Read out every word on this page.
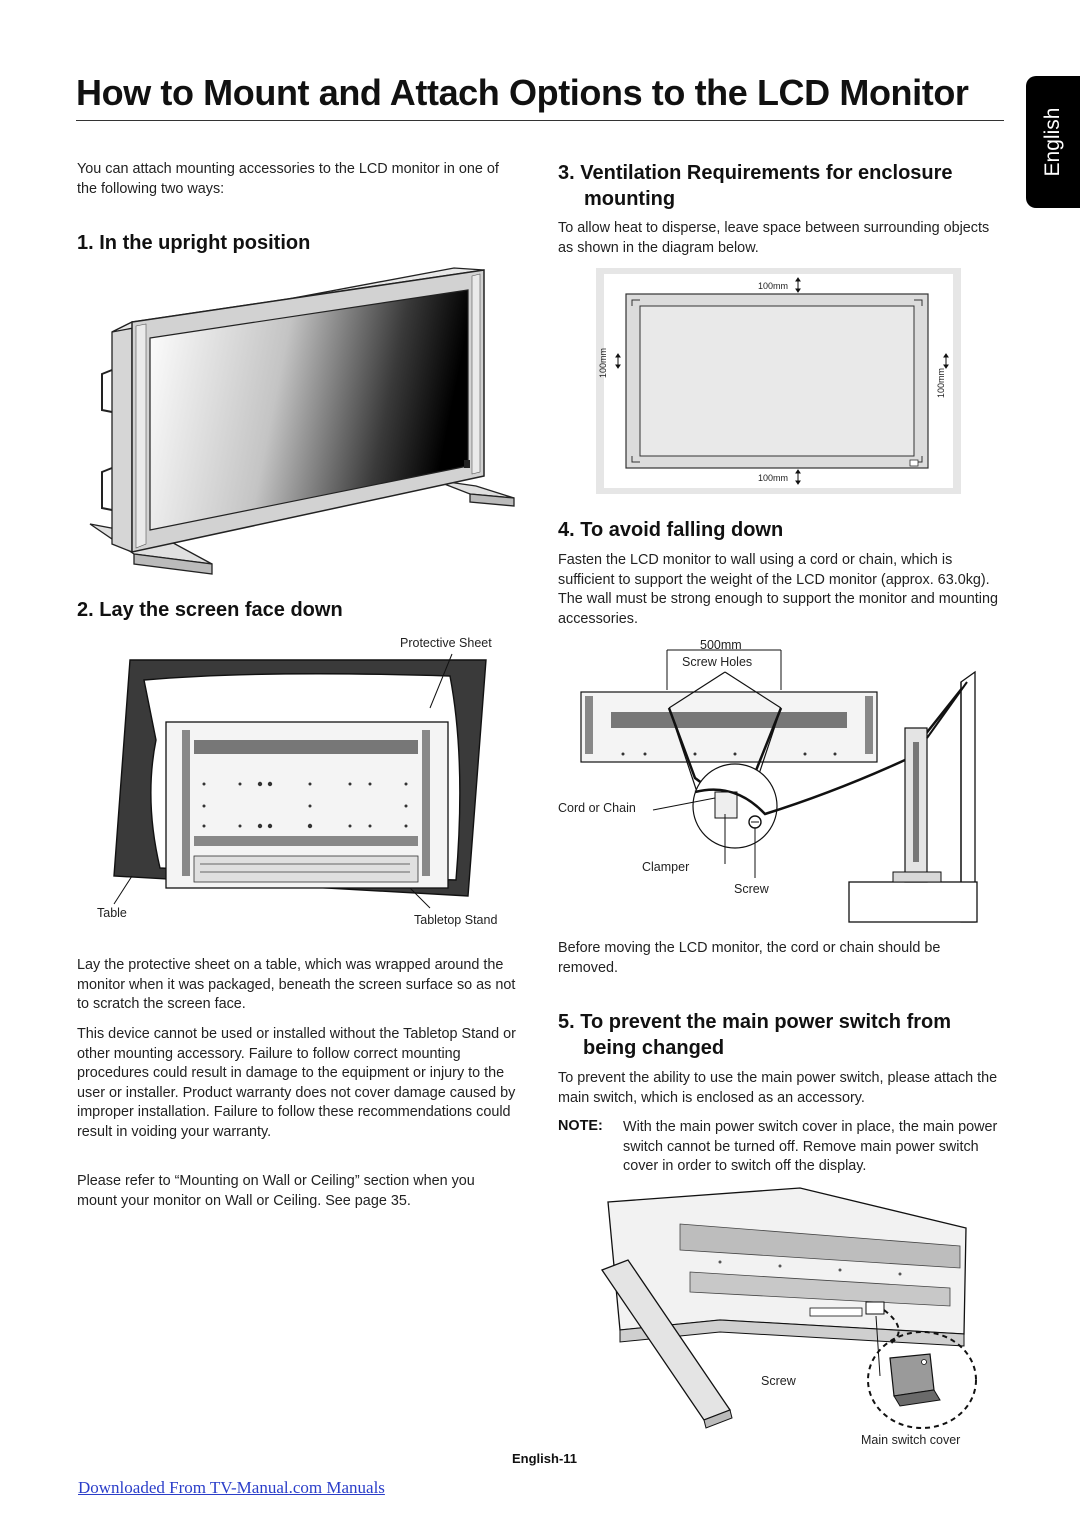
How to Mount and Attach Options to the LCD Monitor
English

You can attach mounting accessories to the LCD monitor in one of the following two ways:

1. In the upright position
2. Lay the screen face down
Protective Sheet
Table	Tabletop Stand

Lay the protective sheet on a table, which was wrapped around the monitor when it was packaged, beneath the screen surface so as not to scratch the screen face.

This device cannot be used or installed without the Tabletop Stand or other mounting accessory. Failure to follow correct mounting procedures could result in damage to the equipment or injury to the user or installer. Product warranty does not cover damage caused by improper installation. Failure to follow these recommendations could result in voiding your warranty.

Please refer to “Mounting on Wall or Ceiling” section when you mount your monitor on Wall or Ceiling. See page 35.

3. Ventilation Requirements for enclosure
mounting

To allow heat to disperse, leave space between surrounding objects as shown in the diagram below.

100mm
100mm
100mm
100mm
4. To avoid falling down

Fasten the LCD monitor to wall using a cord or chain, which is sufficient to support the weight of the LCD monitor (approx. 63.0kg). The wall must be strong enough to support the monitor and mounting accessories.

500mm
Screw Holes
Cord or Chain
Clamper
Screw

Before moving the LCD monitor, the cord or chain should be removed.

5. To prevent the main power switch from
being changed

To prevent the ability to use the main power switch, please attach the main switch, which is enclosed as an accessory.

NOTE: With the main power switch cover in place, the main power switch cannot be turned off. Remove main power switch cover in order to switch off the display.

Screw
Main switch cover
English-11
Downloaded From TV-Manual.com Manuals
